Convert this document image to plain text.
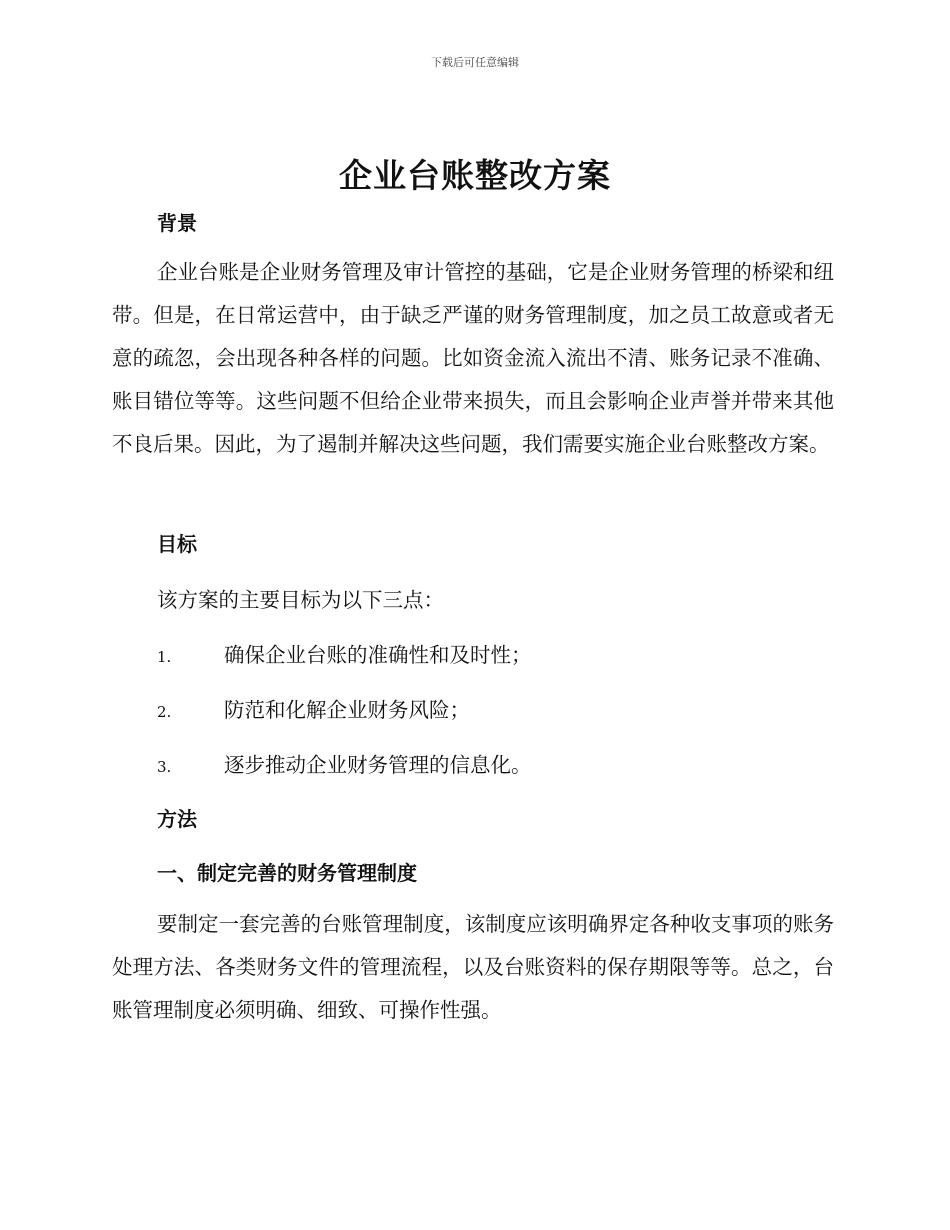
下载后可任意编辑
企业台账整改方案
背景

企业台账是企业财务管理及审计管控的基础，它是企业财务管理的桥梁和纽带。但是，在日常运营中，由于缺乏严谨的财务管理制度，加之员工故意或者无意的疏忽，会出现各种各样的问题。比如资金流入流出不清、账务记录不准确、账目错位等等。这些问题不但给企业带来损失，而且会影响企业声誉并带来其他不良后果。因此，为了遏制并解决这些问题，我们需要实施企业台账整改方案。

目标
该方案的主要目标为以下三点：
1.	确保企业台账的准确性和及时性；
2.	防范和化解企业财务风险；
3.	逐步推动企业财务管理的信息化。
方法
一、制定完善的财务管理制度

要制定一套完善的台账管理制度，该制度应该明确界定各种收支事项的账务处理方法、各类财务文件的管理流程，以及台账资料的保存期限等等。总之，台账管理制度必须明确、细致、可操作性强。
